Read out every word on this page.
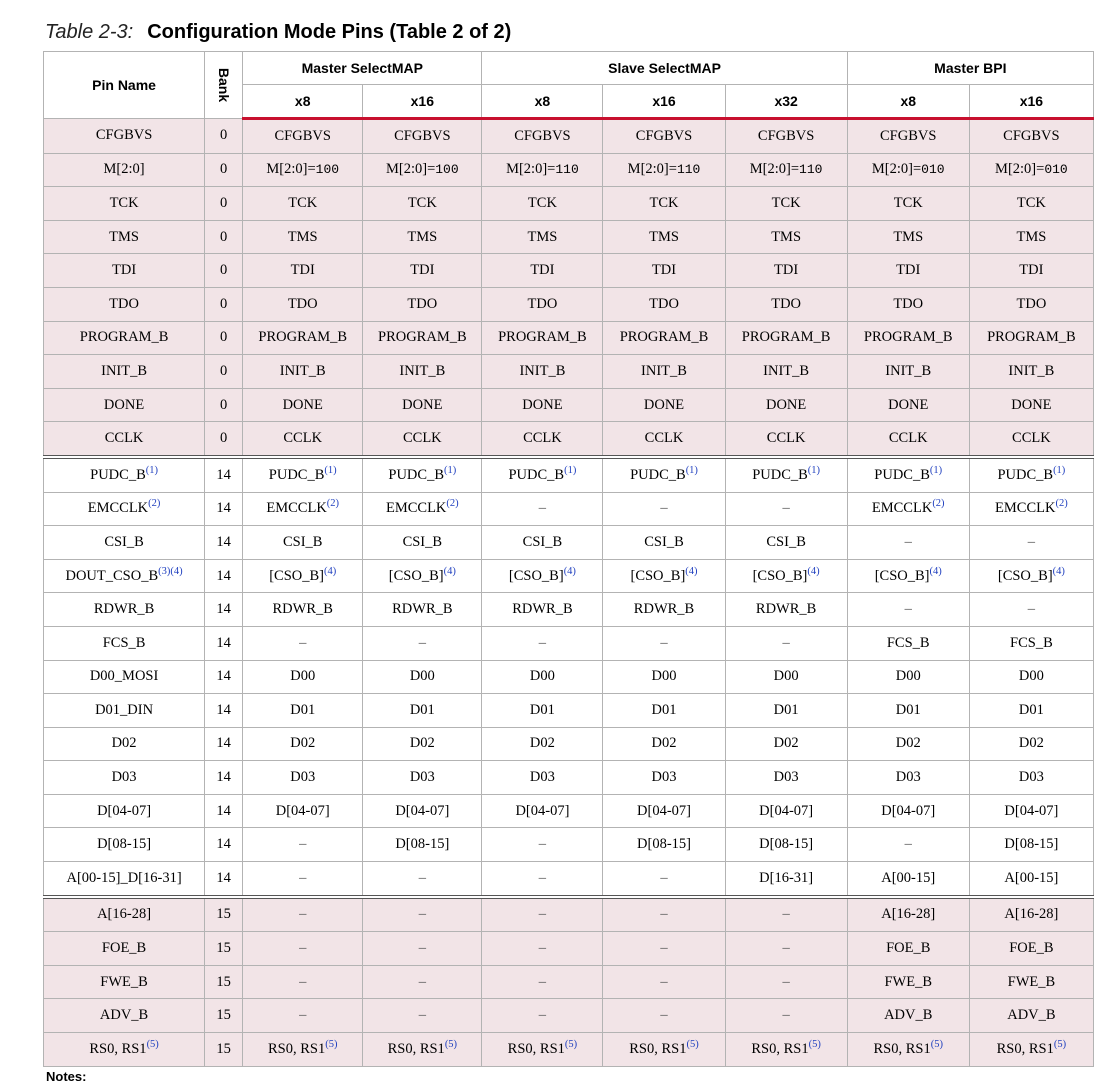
Table 2-3: Configuration Mode Pins (Table 2 of 2)
Pin Name	Bank	Master SelectMAP		Slave SelectMAP			Master BPI	
		x8	x16	x8	x16	x32	x8	x16
CFGBVS	0	CFGBVS	CFGBVS	CFGBVS	CFGBVS	CFGBVS	CFGBVS	CFGBVS
M[2:0]	0	M[2:0]=100	M[2:0]=100	M[2:0]=110	M[2:0]=110	M[2:0]=110	M[2:0]=010	M[2:0]=010
TCK	0	TCK	TCK	TCK	TCK	TCK	TCK	TCK
TMS	0	TMS	TMS	TMS	TMS	TMS	TMS	TMS
TDI	0	TDI	TDI	TDI	TDI	TDI	TDI	TDI
TDO	0	TDO	TDO	TDO	TDO	TDO	TDO	TDO
PROGRAM_B	0	PROGRAM_B	PROGRAM_B	PROGRAM_B	PROGRAM_B	PROGRAM_B	PROGRAM_B	PROGRAM_B
INIT_B	0	INIT_B	INIT_B	INIT_B	INIT_B	INIT_B	INIT_B	INIT_B
DONE	0	DONE	DONE	DONE	DONE	DONE	DONE	DONE
CCLK	0	CCLK	CCLK	CCLK	CCLK	CCLK	CCLK	CCLK
PUDC_B$^{(1)}$	14	PUDC_B$^{(1)}$	PUDC_B$^{(1)}$	PUDC_B$^{(1)}$	PUDC_B$^{(1)}$	PUDC_B$^{(1)}$	PUDC_B$^{(1)}$	PUDC_B$^{(1)}$
EMCCLK$^{(2)}$	14	EMCCLK$^{(2)}$	EMCCLK$^{(2)}$	–	–	–	EMCCLK$^{(2)}$	EMCCLK$^{(2)}$
CSI_B	14	CSI_B	CSI_B	CSI_B	CSI_B	CSI_B	–	–
DOUT_CSO_B$^{(3)(4)}$	14	[CSO_B]$^{(4)}$	[CSO_B]$^{(4)}$	[CSO_B]$^{(4)}$	[CSO_B]$^{(4)}$	[CSO_B]$^{(4)}$	[CSO_B]$^{(4)}$	[CSO_B]$^{(4)}$
RDWR_B	14	RDWR_B	RDWR_B	RDWR_B	RDWR_B	RDWR_B	–	–
FCS_B	14	–	–	–	–	–	FCS_B	FCS_B
D00_MOSI	14	D00	D00	D00	D00	D00	D00	D00
D01_DIN	14	D01	D01	D01	D01	D01	D01	D01
D02	14	D02	D02	D02	D02	D02	D02	D02
D03	14	D03	D03	D03	D03	D03	D03	D03
D[04-07]	14	D[04-07]	D[04-07]	D[04-07]	D[04-07]	D[04-07]	D[04-07]	D[04-07]
D[08-15]	14	–	D[08-15]	–	D[08-15]	D[08-15]	–	D[08-15]
A[00-15]_D[16-31]	14	–	–	–	–	D[16-31]	A[00-15]	A[00-15]
A[16-28]	15	–	–	–	–	–	A[16-28]	A[16-28]
FOE_B	15	–	–	–	–	–	FOE_B	FOE_B
FWE_B	15	–	–	–	–	–	FWE_B	FWE_B
ADV_B	15	–	–	–	–	–	ADV_B	ADV_B
RS0, RS1$^{(5)}$	15	RS0, RS1$^{(5)}$	RS0, RS1$^{(5)}$	RS0, RS1$^{(5)}$	RS0, RS1$^{(5)}$	RS0, RS1$^{(5)}$	RS0, RS1$^{(5)}$	RS0, RS1$^{(5)}$
Notes:
